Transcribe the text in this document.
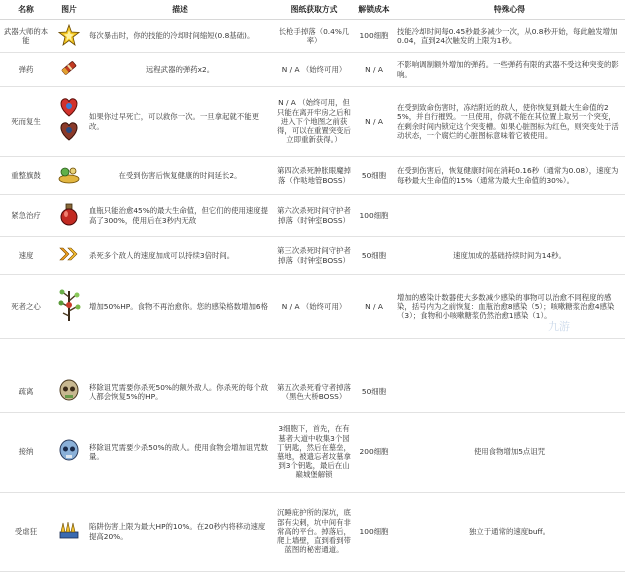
名称	图片	描述	图纸获取方式	解锁成本	特殊心得
武器大师的本能		每次暴击时，你的技能的冷却时间缩短(0.8基础)。	长枪手掉落（0.4%几率）	100细胞	技能冷却时间每0.45秒最多减少一次，从0.8秒开始，每此触发增加0.04，直到24次触发的上限为1秒。
弹药		远程武器的弹药x2。	N / A （始终可用）	N / A	不影响调制额外增加的弹药。一些弹药有限的武器不受这种突变的影响。
死而复生		如果你过早死亡，可以救你一次。一旦拿起就不能更改。	N / A （始终可用，但只能在离开牢房之后和进入下个地图之前获得，可以在重置突变后立即重新获得。）	N / A	在受到致命伤害时，冻结附近的敌人，使你恢复到最大生命值的25%，并自行摧毁。一旦使用，你就不能在其位置上取另一个突变，在剩余时间内锁定这个突变槽。如果心脏图标为红色，则突变处于活动状态，一个腐烂的心脏图标意味着它被使用。
重整旗鼓		在受到伤害后恢复健康的时间延长2。	第四次杀死肿胀眼魔掉落（作哒地管BOSS）	50细胞	在受到伤害后，恢复健康时间在消耗0.16秒（通常为0.08），速度为每秒最大生命值的15%（通常为最大生命值的30%）。
紧急治疗		血瓶只能治愈45%的最大生命值，但它们的使用速度提高了300%，使用后在3秒内无敌	第六次杀死时间守护者掉落（时钟室BOSS）	100细胞	
速度		杀死多个敌人的速度加成可以持续3倍时间。	第三次杀死时间守护者掉落（时钟室BOSS）	50细胞	速度加成的基础持续时间为14秒。
死者之心		增加50%HP。食物不再治愈你。您的感染格数增加6格	N / A （始终可用）	N / A	增加的感染计数器使大多数减少感染的事物可以治愈不同程度的感染，括号内为之前恢复：血瓶治愈8感染（5）；咳嗽糖浆治愈4感染（3）；食物和小咳嗽糖浆仍然治愈1感染（1）。
疏离		移除诅咒需要你杀死50%的额外敌人。你杀死的每个敌人都会恢复5%的HP。	第五次杀死看守者掉落（黑色大桥BOSS）	50细胞	
接纳		移除诅咒需要少杀50%的敌人。使用食物会增加诅咒数量。	3细胞下，首先，在有墓者大道中收集3个园丁钥匙，然后在墓垒，墓地，被遗忘者坟墓拿到3个钥匙，最后在山巅城堡解锁	200细胞	使用食物增加5点诅咒
受虐狂		陷阱伤害上限为最大HP的10%。在20秒内将移动速度提高20%。	沉睡庇护所的深坑，底部有尖刺，坑中间有非常高的平台。掉落后，爬上墙壁，直到看到带蓝图的秘密通道。	100细胞	独立于通常的速度buff。
九游
